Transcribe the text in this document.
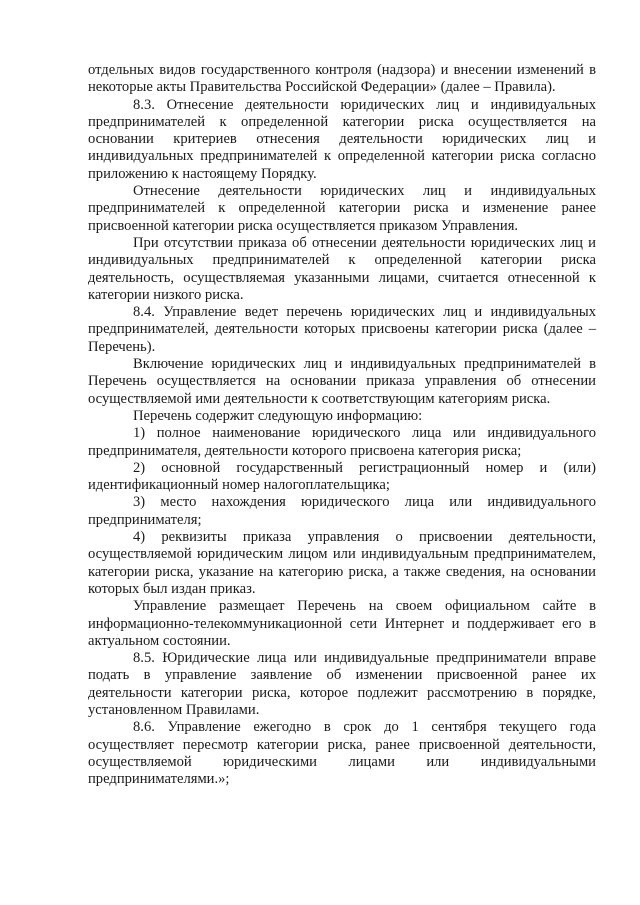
отдельных видов государственного контроля (надзора) и внесении изменений в некоторые акты Правительства Российской Федерации» (далее – Правила).

8.3. Отнесение деятельности юридических лиц и индивидуальных предпринимателей к определенной категории риска осуществляется на основании критериев отнесения деятельности юридических лиц и индивидуальных предпринимателей к определенной категории риска согласно приложению к настоящему Порядку.

Отнесение деятельности юридических лиц и индивидуальных предпринимателей к определенной категории риска и изменение ранее присвоенной категории риска осуществляется приказом Управления.

При отсутствии приказа об отнесении деятельности юридических лиц и индивидуальных предпринимателей к определенной категории риска деятельность, осуществляемая указанными лицами, считается отнесенной к категории низкого риска.

8.4. Управление ведет перечень юридических лиц и индивидуальных предпринимателей, деятельности которых присвоены категории риска (далее – Перечень).

Включение юридических лиц и индивидуальных предпринимателей в Перечень осуществляется на основании приказа управления об отнесении осуществляемой ими деятельности к соответствующим категориям риска.

Перечень содержит следующую информацию:

1) полное наименование юридического лица или индивидуального предпринимателя, деятельности которого присвоена категория риска;

2) основной государственный регистрационный номер и (или) идентификационный номер налогоплательщика;

3) место нахождения юридического лица или индивидуального предпринимателя;

4) реквизиты приказа управления о присвоении деятельности, осуществляемой юридическим лицом или индивидуальным предпринимателем, категории риска, указание на категорию риска, а также сведения, на основании которых был издан приказ.

Управление размещает Перечень на своем официальном сайте в информационно-телекоммуникационной сети Интернет и поддерживает его в актуальном состоянии.

8.5. Юридические лица или индивидуальные предприниматели вправе подать в управление заявление об изменении присвоенной ранее их деятельности категории риска, которое подлежит рассмотрению в порядке, установленном Правилами.

8.6. Управление ежегодно в срок до 1 сентября текущего года осуществляет пересмотр категории риска, ранее присвоенной деятельности, осуществляемой юридическими лицами или индивидуальными предпринимателями.»;
